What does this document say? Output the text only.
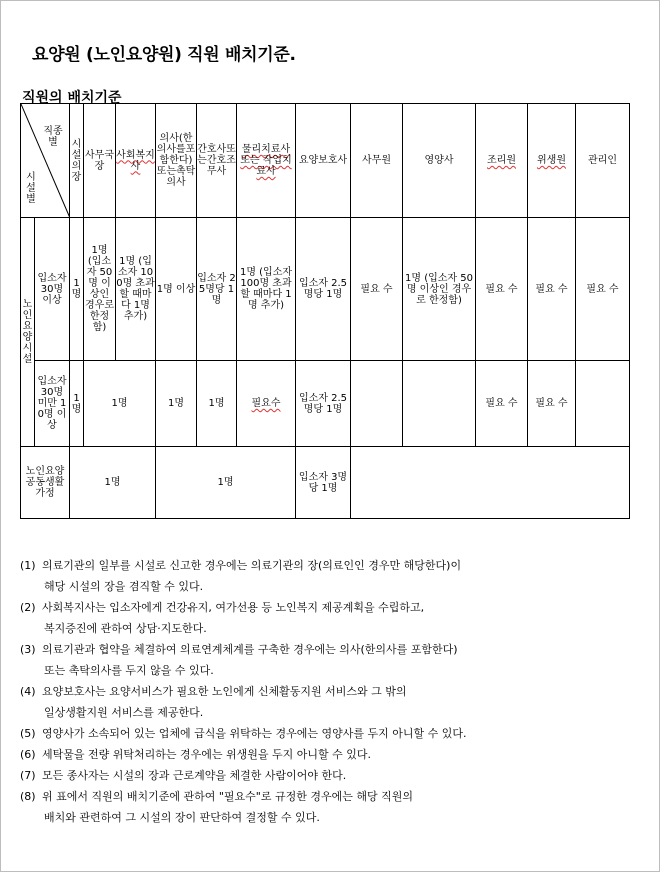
요양원 (노인요양원) 직원 배치기준.
직원의 배치기준
직종별
시설별		시설의장	사무국장	사회복지사	의사(한의사를포함한다)또는촉탁의사	간호사또는간호조무사	물리치료사 또는 작업치료사	요양보호사	사무원	영양사	조리원	위생원	관리인
노인요양시설	입소자 30명 이상	1명	1명 (입소자 50명 이상인 경우로 한정함)	1명 (입소자 100명 초과할 때마다 1명 추가)	1명 이상	입소자 25명당 1명	1명 (입소자 100명 초과할 때마다 1명 추가)	입소자 2.5명당 1명	필요 수	1명 (입소자 50명 이상인 경우로 한정함)	필요 수	필요 수	필요 수
	입소자 30명 미만 10명 이상	1명	1명		1명	1명	필요수	입소자 2.5명당 1명			필요 수	필요 수	
노인요양 공동생활 가정		1명			1명			입소자 3명당 1명					
(1) 의료기관의 일부를 시설로 신고한 경우에는 의료기관의 장(의료인인 경우만 해당한다)이
해당 시설의 장을 겸직할 수 있다.
(2) 사회복지사는 입소자에게 건강유지, 여가선용 등 노인복지 제공계획을 수립하고,
복지증진에 관하여 상담·지도한다.
(3) 의료기관과 협약을 체결하여 의료연계체계를 구축한 경우에는 의사(한의사를 포함한다)
또는 촉탁의사를 두지 않을 수 있다.
(4) 요양보호사는 요양서비스가 필요한 노인에게 신체활동지원 서비스와 그 밖의
일상생활지원 서비스를 제공한다.
(5) 영양사가 소속되어 있는 업체에 급식을 위탁하는 경우에는 영양사를 두지 아니할 수 있다.
(6) 세탁물을 전량 위탁처리하는 경우에는 위생원을 두지 아니할 수 있다.
(7) 모든 종사자는 시설의 장과 근로계약을 체결한 사람이어야 한다.
(8) 위 표에서 직원의 배치기준에 관하여 "필요수"로 규정한 경우에는 해당 직원의
배치와 관련하여 그 시설의 장이 판단하여 결정할 수 있다.
